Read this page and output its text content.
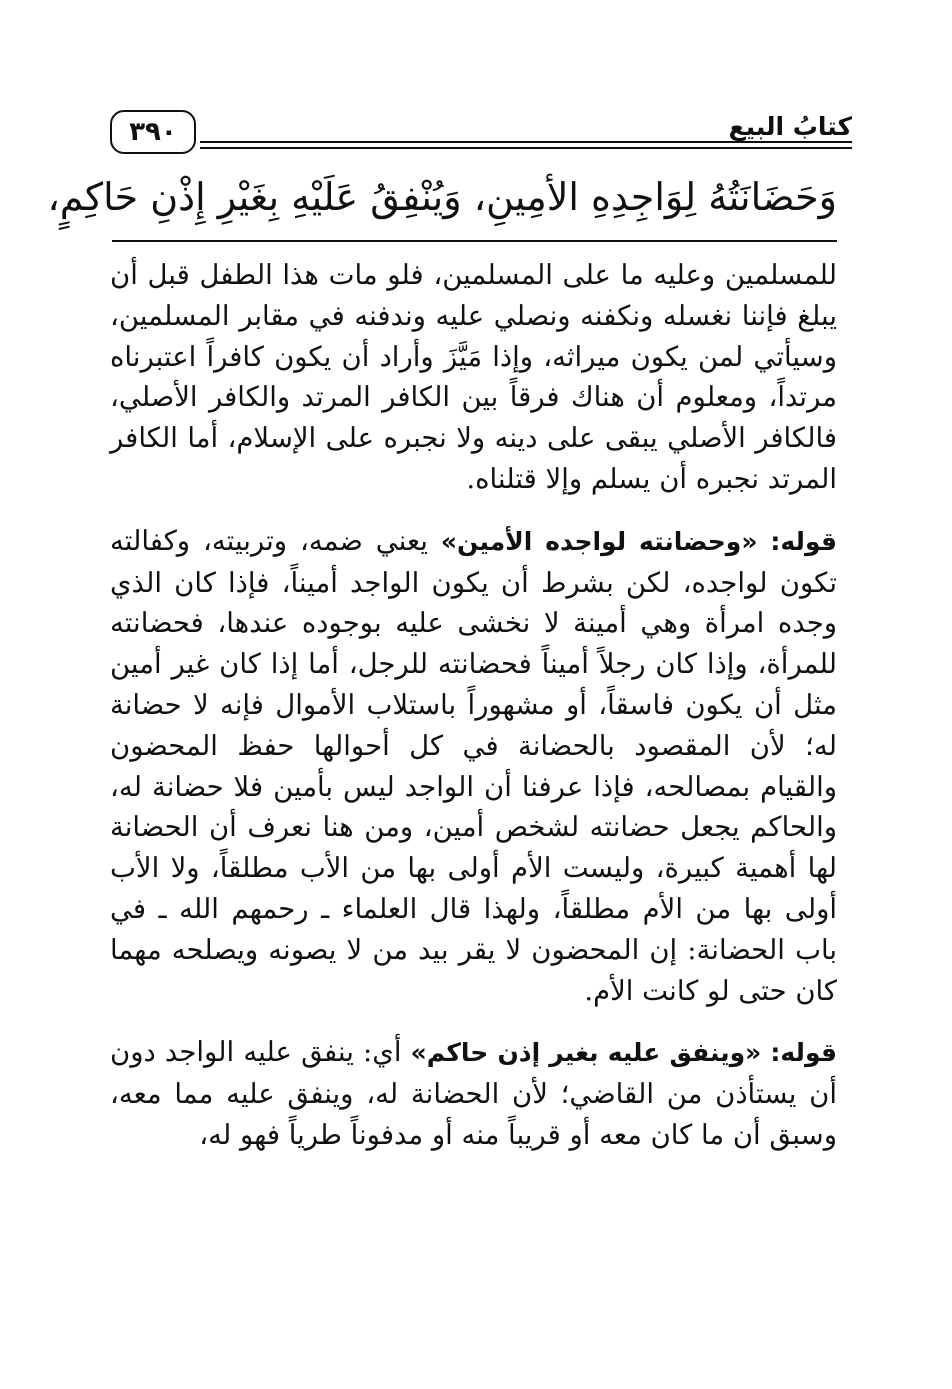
كتابُ البيع
٣٩٠
وَحَضَانَتُهُ لِوَاجِدِهِ الأمِينِ، وَيُنْفِقُ عَلَيْهِ بِغَيْرِ إِذْنِ حَاكِمٍ،

للمسلمين وعليه ما على المسلمين، فلو مات هذا الطفل قبل أن يبلغ فإننا نغسله ونكفنه ونصلي عليه وندفنه في مقابر المسلمين، وسيأتي لمن يكون ميراثه، وإذا مَيَّزَ وأراد أن يكون كافراً اعتبرناه مرتداً، ومعلوم أن هناك فرقاً بين الكافر المرتد والكافر الأصلي، فالكافر الأصلي يبقى على دينه ولا نجبره على الإسلام، أما الكافر المرتد نجبره أن يسلم وإلا قتلناه.

قوله: «وحضانته لواجده الأمين» يعني ضمه، وتربيته، وكفالته تكون لواجده، لكن بشرط أن يكون الواجد أميناً، فإذا كان الذي وجده امرأة وهي أمينة لا نخشى عليه بوجوده عندها، فحضانته للمرأة، وإذا كان رجلاً أميناً فحضانته للرجل، أما إذا كان غير أمين مثل أن يكون فاسقاً، أو مشهوراً باستلاب الأموال فإنه لا حضانة له؛ لأن المقصود بالحضانة في كل أحوالها حفظ المحضون والقيام بمصالحه، فإذا عرفنا أن الواجد ليس بأمين فلا حضانة له، والحاكم يجعل حضانته لشخص أمين، ومن هنا نعرف أن الحضانة لها أهمية كبيرة، وليست الأم أولى بها من الأب مطلقاً، ولا الأب أولى بها من الأم مطلقاً، ولهذا قال العلماء ـ رحمهم الله ـ في باب الحضانة: إن المحضون لا يقر بيد من لا يصونه ويصلحه مهما كان حتى لو كانت الأم.

قوله: «وينفق عليه بغير إذن حاكم» أي: ينفق عليه الواجد دون أن يستأذن من القاضي؛ لأن الحضانة له، وينفق عليه مما معه، وسبق أن ما كان معه أو قريباً منه أو مدفوناً طرياً فهو له،
